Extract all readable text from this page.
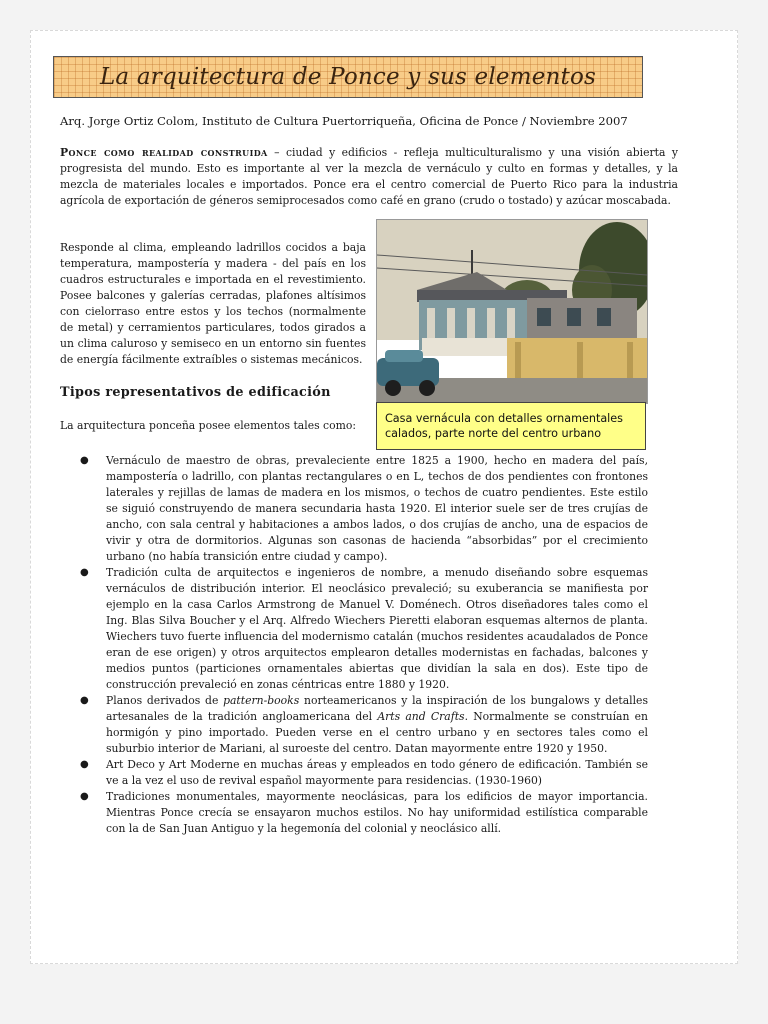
La arquitectura de Ponce y sus elementos
Arq. Jorge Ortiz Colom, Instituto de Cultura Puertorriqueña, Oficina de Ponce / Noviembre 2007
Ponce como realidad construida – ciudad y edificios - refleja multiculturalismo y una visión abierta y progresista del mundo. Esto es importante al ver la mezcla de vernáculo y culto en formas y detalles, y la mezcla de materiales locales e importados. Ponce era el centro comercial de Puerto Rico para la industria agrícola de exportación de géneros semiprocesados como café en grano (crudo o tostado) y azúcar moscabada.
Responde al clima, empleando ladrillos cocidos a baja temperatura, mampostería y madera - del país en los cuadros estructurales e importada en el revestimiento. Posee balcones y galerías cerradas, plafones altísimos con cielorraso entre estos y los techos (normalmente de metal) y cerramientos particulares, todos girados a un clima caluroso y semiseco en un entorno sin fuentes de energía fácilmente extraíbles o sistemas mecánicos.
Casa vernácula con detalles ornamentales calados, parte norte del centro urbano
Tipos representativos de edificación
La arquitectura ponceña posee elementos tales como:
● Vernáculo de maestro de obras, prevaleciente entre 1825 a 1900, hecho en madera del país, mampostería o ladrillo, con plantas rectangulares o en L, techos de dos pendientes con frontones laterales y rejillas de lamas de madera en los mismos, o techos de cuatro pendientes. Este estilo se siguió construyendo de manera secundaria hasta 1920. El interior suele ser de tres crujías de ancho, con sala central y habitaciones a ambos lados, o dos crujías de ancho, una de espacios de vivir y otra de dormitorios. Algunas son casonas de hacienda “absorbidas” por el crecimiento urbano (no había transición entre ciudad y campo).
● Tradición culta de arquitectos e ingenieros de nombre, a menudo diseñando sobre esquemas vernáculos de distribución interior. El neoclásico prevaleció; su exuberancia se manifiesta por ejemplo en la casa Carlos Armstrong de Manuel V. Doménech. Otros diseñadores tales como el Ing. Blas Silva Boucher y el Arq. Alfredo Wiechers Pieretti elaboran esquemas alternos de planta. Wiechers tuvo fuerte influencia del modernismo catalán (muchos residentes acaudalados de Ponce eran de ese origen) y otros arquitectos emplearon detalles modernistas en fachadas, balcones y medios puntos (particiones ornamentales abiertas que dividían la sala en dos). Este tipo de construcción prevaleció en zonas céntricas entre 1880 y 1920.
● Planos derivados de pattern-books norteamericanos y la inspiración de los bungalows y detalles artesanales de la tradición angloamericana del Arts and Crafts. Normalmente se construían en hormigón y pino importado. Pueden verse en el centro urbano y en sectores tales como el suburbio interior de Mariani, al suroeste del centro. Datan mayormente entre 1920 y 1950.
● Art Deco y Art Moderne en muchas áreas y empleados en todo género de edificación. También se ve a la vez el uso de revival español mayormente para residencias. (1930-1960)
● Tradiciones monumentales, mayormente neoclásicas, para los edificios de mayor importancia. Mientras Ponce crecía se ensayaron muchos estilos. No hay uniformidad estilística comparable con la de San Juan Antiguo y la hegemonía del colonial y neoclásico allí.
